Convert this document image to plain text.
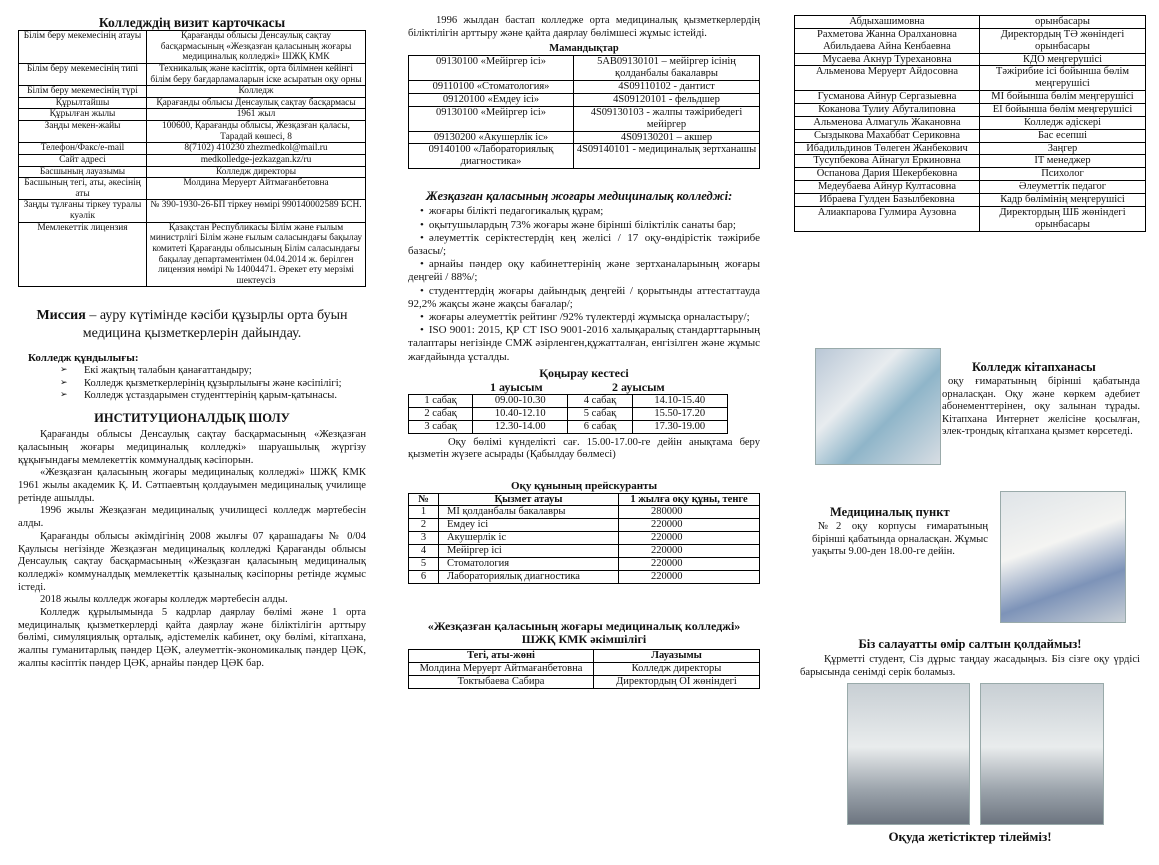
Колледждің визит карточкасы
Білім беру мекемесінің атауы	Қарағанды облысы Денсаулық сақтау басқармасының «Жезқазған қаласының жоғары медициналық колледжі» ШЖҚ КМК
Білім беру мекемесінің типі	Техникалық және кәсіптік, орта білімнен кейінгі білім беру бағдарламаларын іске асыратын оқу орны
Білім беру мекемесінің түрі	Колледж
Құрылтайшы	Қарағанды облысы Денсаулық сақтау басқармасы
Құрылған жылы	1961 жыл
Заңды мекен-жайы	100600, Қарағанды облысы, Жезқазған қаласы, Тарадай көшесі, 8
Телефон/Факс/e-mail	8(7102) 410230 zhezmedkol@mail.ru
Сайт адресі	medkolledge-jezkazgan.kz/ru
Басшының лауазымы	Колледж директоры
Басшының тегі, аты, әкесінің аты	Молдина Меруерт Айтмағанбетовна
Заңды тұлғаны тіркеу туралы куәлік	№ 390-1930-26-БП тіркеу нөмірі 990140002589 БСН.
Мемлекеттік лицензия	Қазақстан Республикасы Білім және ғылым министрлігі Білім және ғылым саласындағы бақылау комитеті Қарағанды облысының Білім саласындағы бақылау департаментімен 04.04.2014 ж. берілген лицензия нөмірі № 14004471. Әрекет ету мерзімі шектеусіз
Миссия – ауру күтімінде кәсіби құзырлы орта буын медицина қызметкерлерін дайындау.
Колледж құндылығы:
➢ Екі жақтың талабын қанағаттандыру;
➢ Колледж қызметкерлерінің құзырлылығы және кәсіпілігі;
➢ Колледж ұстаздарымен студенттерінің қарым-қатынасы.
ИНСТИТУЦИОНАЛДЫҚ ШОЛУ

Қарағанды облысы Денсаулық сақтау басқармасының «Жезқазған қаласының жоғары медициналық колледжі» шаруашылық жүргізу құқығындағы мемлекеттік коммуналдық кәсіпорын.

«Жезқазған қаласының жоғары медициналық колледжі» ШЖҚ КМК 1961 жылы академик Қ. И. Сәтпаевтың қолдауымен медициналық училище ретінде ашылды.

1996 жылы Жезқазған медициналық училищесі колледж мәртебесін алды.

Қарағанды облысы әкімдігінің 2008 жылғы 07 қарашадағы № 0/04 Қаулысы негізінде Жезқазған медициналық колледжі Қарағанды облысы Денсаулық сақтау басқармасының «Жезқазған қаласының медициналық колледжі» коммуналдық мемлекеттік қазыналық кәсіпорны ретінде жұмыс істеді.

2018 жылы колледж жоғары колледж мәртебесін алды.

Колледж құрылымында 5 кадрлар даярлау бөлімі және 1 орта медициналық қызметкерлерді қайта даярлау және біліктілігін арттыру бөлімі, симуляциялық орталық, әдістемелік кабинет, оқу бөлімі, кітапхана, жалпы гуманитарлық пәндер ЦӘК, әлеуметтік-экономикалық пәндер ЦӘК, жалпы кәсіптік пәндер ЦӘК, арнайы пәндер ЦӘК бар.

1996 жылдан бастап колледже орта медициналық қызметкерлердің біліктілігін арттыру және қайта даярлау бөлімшесі жұмыс істейді.

Мамандықтар
09130100 «Мейіргер ісі»	5АВ09130101 – мейіргер ісінің қолданбалы бакалавры
09110100 «Стоматология»	4S09110102 - дантист
09120100 «Емдеу ісі»	4S09120101 - фельдшер
09130100 «Мейіргер ісі»	4S09130103 - жалпы тәжірибедегі мейіргер
09130200 «Акушерлік іс»	4S09130201 – акшер
09140100 «Лабораториялық диагностика»	4S09140101 - медициналық зертханашы
Жезқазған қаласының жоғары медициналық колледжі:
• жоғары білікті педагогикалық құрам;
• оқытушылардың 73% жоғары және бірінші біліктілік санаты бар;
• әлеуметтік серіктестердің кең желісі / 17 оқу-өндірістік тәжірибе базасы/;
• арнайы пәндер оқу кабинеттерінің және зертханаларының жоғары деңгейі / 88%/;
• студенттердің жоғары дайындық деңгейі / қорытынды аттестаттауда 92,2% жақсы және жақсы бағалар/;
• жоғары әлеуметтік рейтинг /92% түлектерді жұмысқа орналастыру/;
• ISO 9001: 2015, ҚР СТ ISO 9001-2016 халықаралық стандарттарының талаптары негізінде СМЖ әзірленген,құжатталған, енгізілген және жұмыс жағдайында ұсталды.
Қоңырау кестесі
1 ауысым	2 ауысым
1 сабақ	09.00-10.30	4 сабақ	14.10-15.40
2 сабақ	10.40-12.10	5 сабақ	15.50-17.20
3 сабақ	12.30-14.00	6 сабақ	17.30-19.00

Оқу бөлімі күнделікті сағ. 15.00-17.00-ге дейін анықтама беру қызметін жүзеге асырады (Қабылдау бөлмесі)

Оқу құнының прейскуранты
№	Қызмет атауы	1 жылға оқу құны, тенге
1	МІ қолданбалы бакалавры	280000
2	Емдеу ісі	220000
3	Акушерлік іс	220000
4	Мейіргер ісі	220000
5	Стоматология	220000
6	Лабораториялық диагностика	220000
«Жезқазған қаласының жоғары медициналық колледжі» ШЖҚ КМК әкімшілігі
Тегі, аты-жөні	Лауазымы
Молдина Меруерт Айтмағанбетовна	Колледж директоры
Токтыбаева Сабира	Директордың ОІ жөніндегі
Абдыхашимовна	орынбасары
Рахметова Жанна Оралхановна Абильдаева Айна Кенбаевна	Директордың ТӘ жөніндегі орынбасары
Мусаева Акнур Туреxановна	КДО меңгерушісі
Альменова Меруерт Айдосовна	Тәжірибие ісі бойынша бөлім меңгерушісі
Гусманова Айнур Сергазыевна	МІ бойынша бөлім меңгерушісі
Коканова Тулиу Абуталиповна	ЕІ бойынша бөлім меңгерушісі
Альменова Алмагуль Жакановна	Колледж әдіскері
Сыздыкова Махаббат Сериковна	Бас есепші
Ибадильдинов Төлеген Жанбекович	Заңгер
Тусупбекова Айнагул Еркиновна	IT менеджер
Оспанова Дария Шекербековна	Психолог
Медеубаева Айнур Култасовна	Әлеуметтік педагог
Ибраева Гулден Базылбековна	Кадр бөлімінің меңгерушісі
Алиакпарова Гулмира Аузовна	Директордың ШБ жөніндегі орынбасары
Колледж кітапханасы

оқу ғимаратының бірінші қабатында орналасқан. Оқу және көркем әдебиет абонементтерінен, оқу залынан тұрады. Кітапхана Интернет желісіне қосылған, элек-трондық кітапхана қызмет көрсетеді.

Медициналық пункт

№2 оқу корпусы ғимаратының бірінші қабатында орналасқан. Жұмыс уақыты 9.00-ден 18.00-ге дейін.

Біз салауатты өмір салтын қолдаймыз!

Құрметті студент, Сіз дұрыс таңдау жасадыңыз. Біз сізге оқу үрдісі барысында сенімді серік боламыз.

Оқуда жетістіктер тілейміз!
